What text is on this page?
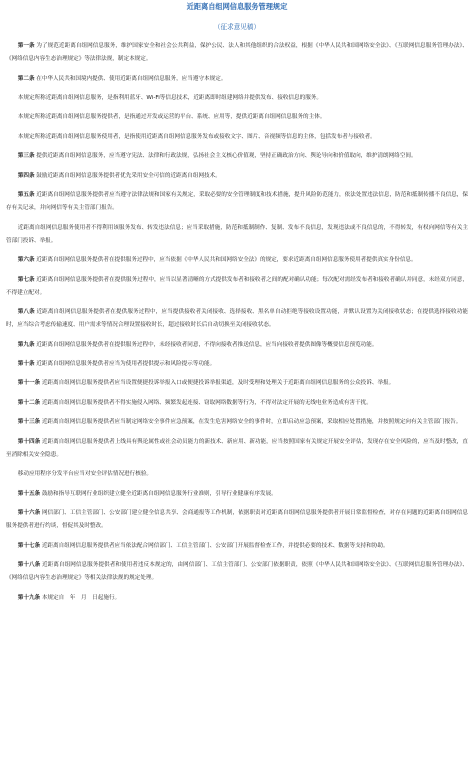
近距离自组网信息服务管理规定
（征求意见稿）

第一条 为了规范近距离自组网信息服务，维护国家安全和社会公共利益，保护公民、法人和其他组织的合法权益，根据《中华人民共和国网络安全法》、《互联网信息服务管理办法》、《网络信息内容生态治理规定》等法律法规，制定本规定。

第二条 在中华人民共和国境内提供、使用近距离自组网信息服务，应当遵守本规定。

本规定所称近距离自组网信息服务，是指利用蓝牙、Wi-Fi等信息技术，近距离即时组建网络并提供发布、接收信息的服务。

本规定所称近距离自组网信息服务提供者，是指通过开发或运营的平台、系统、应用等，提供近距离自组网信息服务的主体。

本规定所称近距离自组网信息服务使用者，是指使用近距离自组网信息服务发布或接收文字、图片、音视频等信息的主体，包括发布者与接收者。

第三条 提供近距离自组网信息服务，应当遵守宪法、法律和行政法规，弘扬社会主义核心价值观，坚持正确政治方向、舆论导向和价值取向，维护清朗网络空间。

第四条 鼓励近距离自组网信息服务提供者优先采用安全可信的近距离自组网技术。

第五条 近距离自组网信息服务提供者应当遵守法律法规和国家有关规定，采取必要的安全管理制度和技术措施，提升风险防范能力，依法处置违法信息，防范和抵制传播不良信息，保存有关记录，并向网信等有关主管部门报告。

近距离自组网信息服务使用者不得利用该服务发布、转发违法信息；应当采取措施，防范和抵制制作、复制、发布不良信息，发现违法或不良信息的，不得转发，有权向网信等有关主管部门投诉、举报。

第六条 近距离自组网信息服务提供者在提供服务过程中，应当依据《中华人民共和国网络安全法》的规定，要求近距离自组网信息服务使用者提供真实身份信息。

第七条 近距离自组网信息服务提供者在提供服务过程中，应当以显著清晰的方式提供发布者和接收者之间的配对确认功能；每次配对需经发布者和接收者确认并同意，未经双方同意，不得建立配对。

第八条 近距离自组网信息服务提供者在提供服务过程中，应当提供接收者关闭接收、选择接收、黑名单自动拒绝等接收设置功能，并默认设置为关闭接收状态；在提供选择接收功能时，应当综合考虑传输速度、用户需求等情况合理设置接收时长，超过接收时长后自动切换至关闭接收状态。

第九条 近距离自组网信息服务提供者在提供服务过程中，未经接收者同意，不得向接收者推送信息，应当向接收者提供图像等概要信息预览功能。

第十条 近距离自组网信息服务提供者应当为使用者提供提示和风险提示等功能。

第十一条 近距离自组网信息服务提供者应当设置便捷投诉举报入口或便捷投诉举报渠道，及时受理和处理关于近距离自组网信息服务的公众投诉、举报。

第十二条 近距离自组网信息服务提供者不得实施侵入网络、频繁发起连接、窃取网络数据等行为，不得对法定开展的无线电业务造成有害干扰。

第十三条 近距离自组网信息服务提供者应当制定网络安全事件应急预案，在发生危害网络安全的事件时，立即启动应急预案，采取相应处置措施，并按照规定向有关主管部门报告。

第十四条 近距离自组网信息服务提供者上线具有舆论属性或社会动员能力的新技术、新应用、新功能，应当按照国家有关规定开展安全评估，发现存在安全风险的，应当及时整改，直至消除相关安全隐患。

移动应用程序分发平台应当对安全评估情况进行核验。

第十五条 鼓励和指导互联网行业组织建立健全近距离自组网信息服务行业准则，引导行业健康有序发展。

第十六条 网信部门、工信主管部门、公安部门建立健全信息共享、会商通报等工作机制，依据职责对近距离自组网信息服务提供者开展日常监督检查，对存在问题的近距离自组网信息服务提供者进行约谈，督促其及时整改。

第十七条 近距离自组网信息服务提供者应当依法配合网信部门、工信主管部门、公安部门开展监督检查工作，并提供必要的技术、数据等支持和协助。

第十八条 近距离自组网信息服务提供者和使用者违反本规定的，由网信部门、工信主管部门、公安部门依据职责，依照《中华人民共和国网络安全法》、《互联网信息服务管理办法》、《网络信息内容生态治理规定》等相关法律法规的规定处理。

第十九条 本规定自　年　月　日起施行。
